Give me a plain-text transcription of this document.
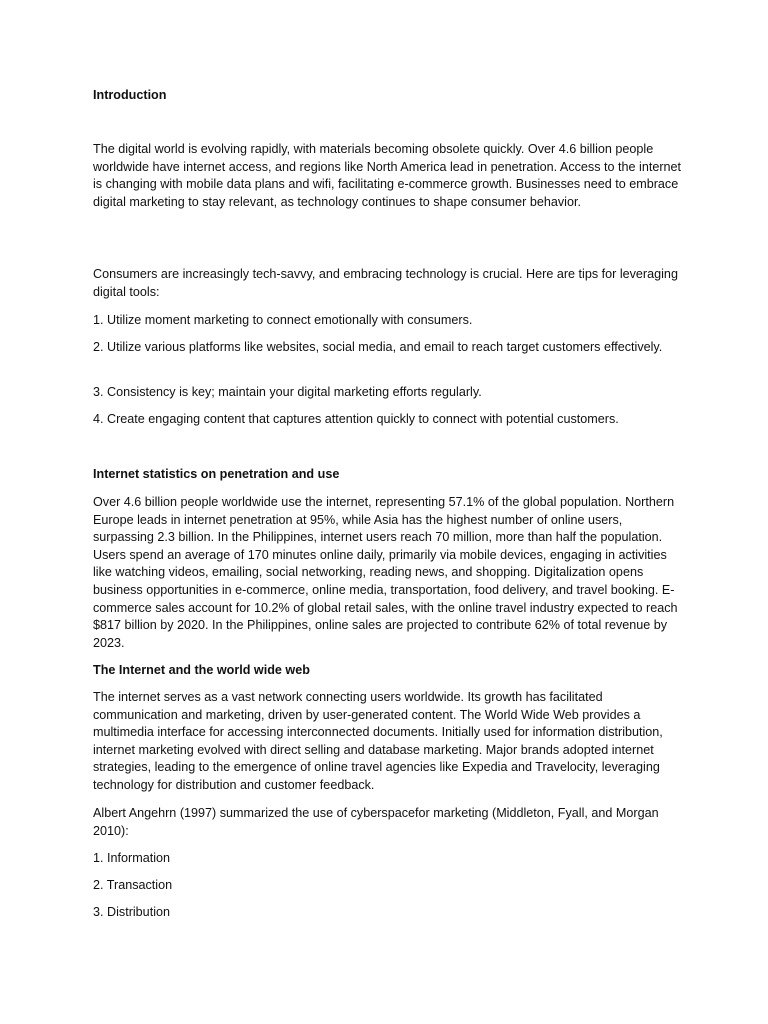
Introduction

The digital world is evolving rapidly, with materials becoming obsolete quickly. Over 4.6 billion people worldwide have internet access, and regions like North America lead in penetration. Access to the internet is changing with mobile data plans and wifi, facilitating e-commerce growth. Businesses need to embrace digital marketing to stay relevant, as technology continues to shape consumer behavior.

Consumers are increasingly tech-savvy, and embracing technology is crucial. Here are tips for leveraging digital tools:

1. Utilize moment marketing to connect emotionally with consumers.

2. Utilize various platforms like websites, social media, and email to reach target customers effectively.

3. Consistency is key; maintain your digital marketing efforts regularly.

4. Create engaging content that captures attention quickly to connect with potential customers.

Internet statistics on penetration and use

Over 4.6 billion people worldwide use the internet, representing 57.1% of the global population. Northern Europe leads in internet penetration at 95%, while Asia has the highest number of online users, surpassing 2.3 billion. In the Philippines, internet users reach 70 million, more than half the population. Users spend an average of 170 minutes online daily, primarily via mobile devices, engaging in activities like watching videos, emailing, social networking, reading news, and shopping. Digitalization opens business opportunities in e-commerce, online media, transportation, food delivery, and travel booking. E-commerce sales account for 10.2% of global retail sales, with the online travel industry expected to reach $817 billion by 2020. In the Philippines, online sales are projected to contribute 62% of total revenue by 2023.

The Internet and the world wide web

The internet serves as a vast network connecting users worldwide. Its growth has facilitated communication and marketing, driven by user-generated content. The World Wide Web provides a multimedia interface for accessing interconnected documents. Initially used for information distribution, internet marketing evolved with direct selling and database marketing. Major brands adopted internet strategies, leading to the emergence of online travel agencies like Expedia and Travelocity, leveraging technology for distribution and customer feedback.

Albert Angehrn (1997) summarized the use of cyberspacefor marketing (Middleton, Fyall, and Morgan 2010):

1. Information

2. Transaction

3. Distribution
